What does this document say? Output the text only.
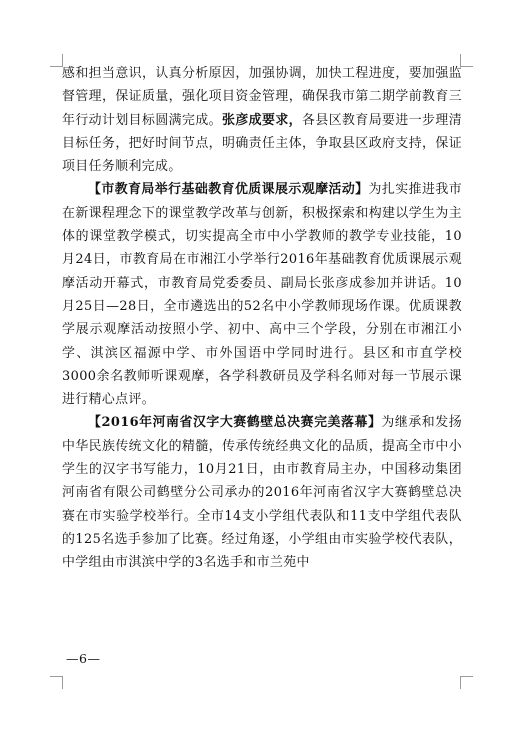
感和担当意识，认真分析原因，加强协调，加快工程进度，要加强监督管理，保证质量，强化项目资金管理，确保我市第二期学前教育三年行动计划目标圆满完成。张彦成要求，各县区教育局要进一步理清目标任务，把好时间节点，明确责任主体，争取县区政府支持，保证项目任务顺利完成。

【市教育局举行基础教育优质课展示观摩活动】为扎实推进我市在新课程理念下的课堂教学改革与创新，积极探索和构建以学生为主体的课堂教学模式，切实提高全市中小学教师的教学专业技能，10月24日，市教育局在市湘江小学举行2016年基础教育优质课展示观摩活动开幕式，市教育局党委委员、副局长张彦成参加并讲话。10月25日—28日，全市遴选出的52名中小学教师现场作课。优质课教学展示观摩活动按照小学、初中、高中三个学段，分别在市湘江小学、淇滨区福源中学、市外国语中学同时进行。县区和市直学校3000余名教师听课观摩，各学科教研员及学科名师对每一节展示课进行精心点评。

【2016年河南省汉字大赛鹤壁总决赛完美落幕】为继承和发扬中华民族传统文化的精髓，传承传统经典文化的品质，提高全市中小学生的汉字书写能力，10月21日，由市教育局主办，中国移动集团河南省有限公司鹤壁分公司承办的2016年河南省汉字大赛鹤壁总决赛在市实验学校举行。全市14支小学组代表队和11支中学组代表队的125名选手参加了比赛。经过角逐，小学组由市实验学校代表队，中学组由市淇滨中学的3名选手和市兰苑中

—6—
